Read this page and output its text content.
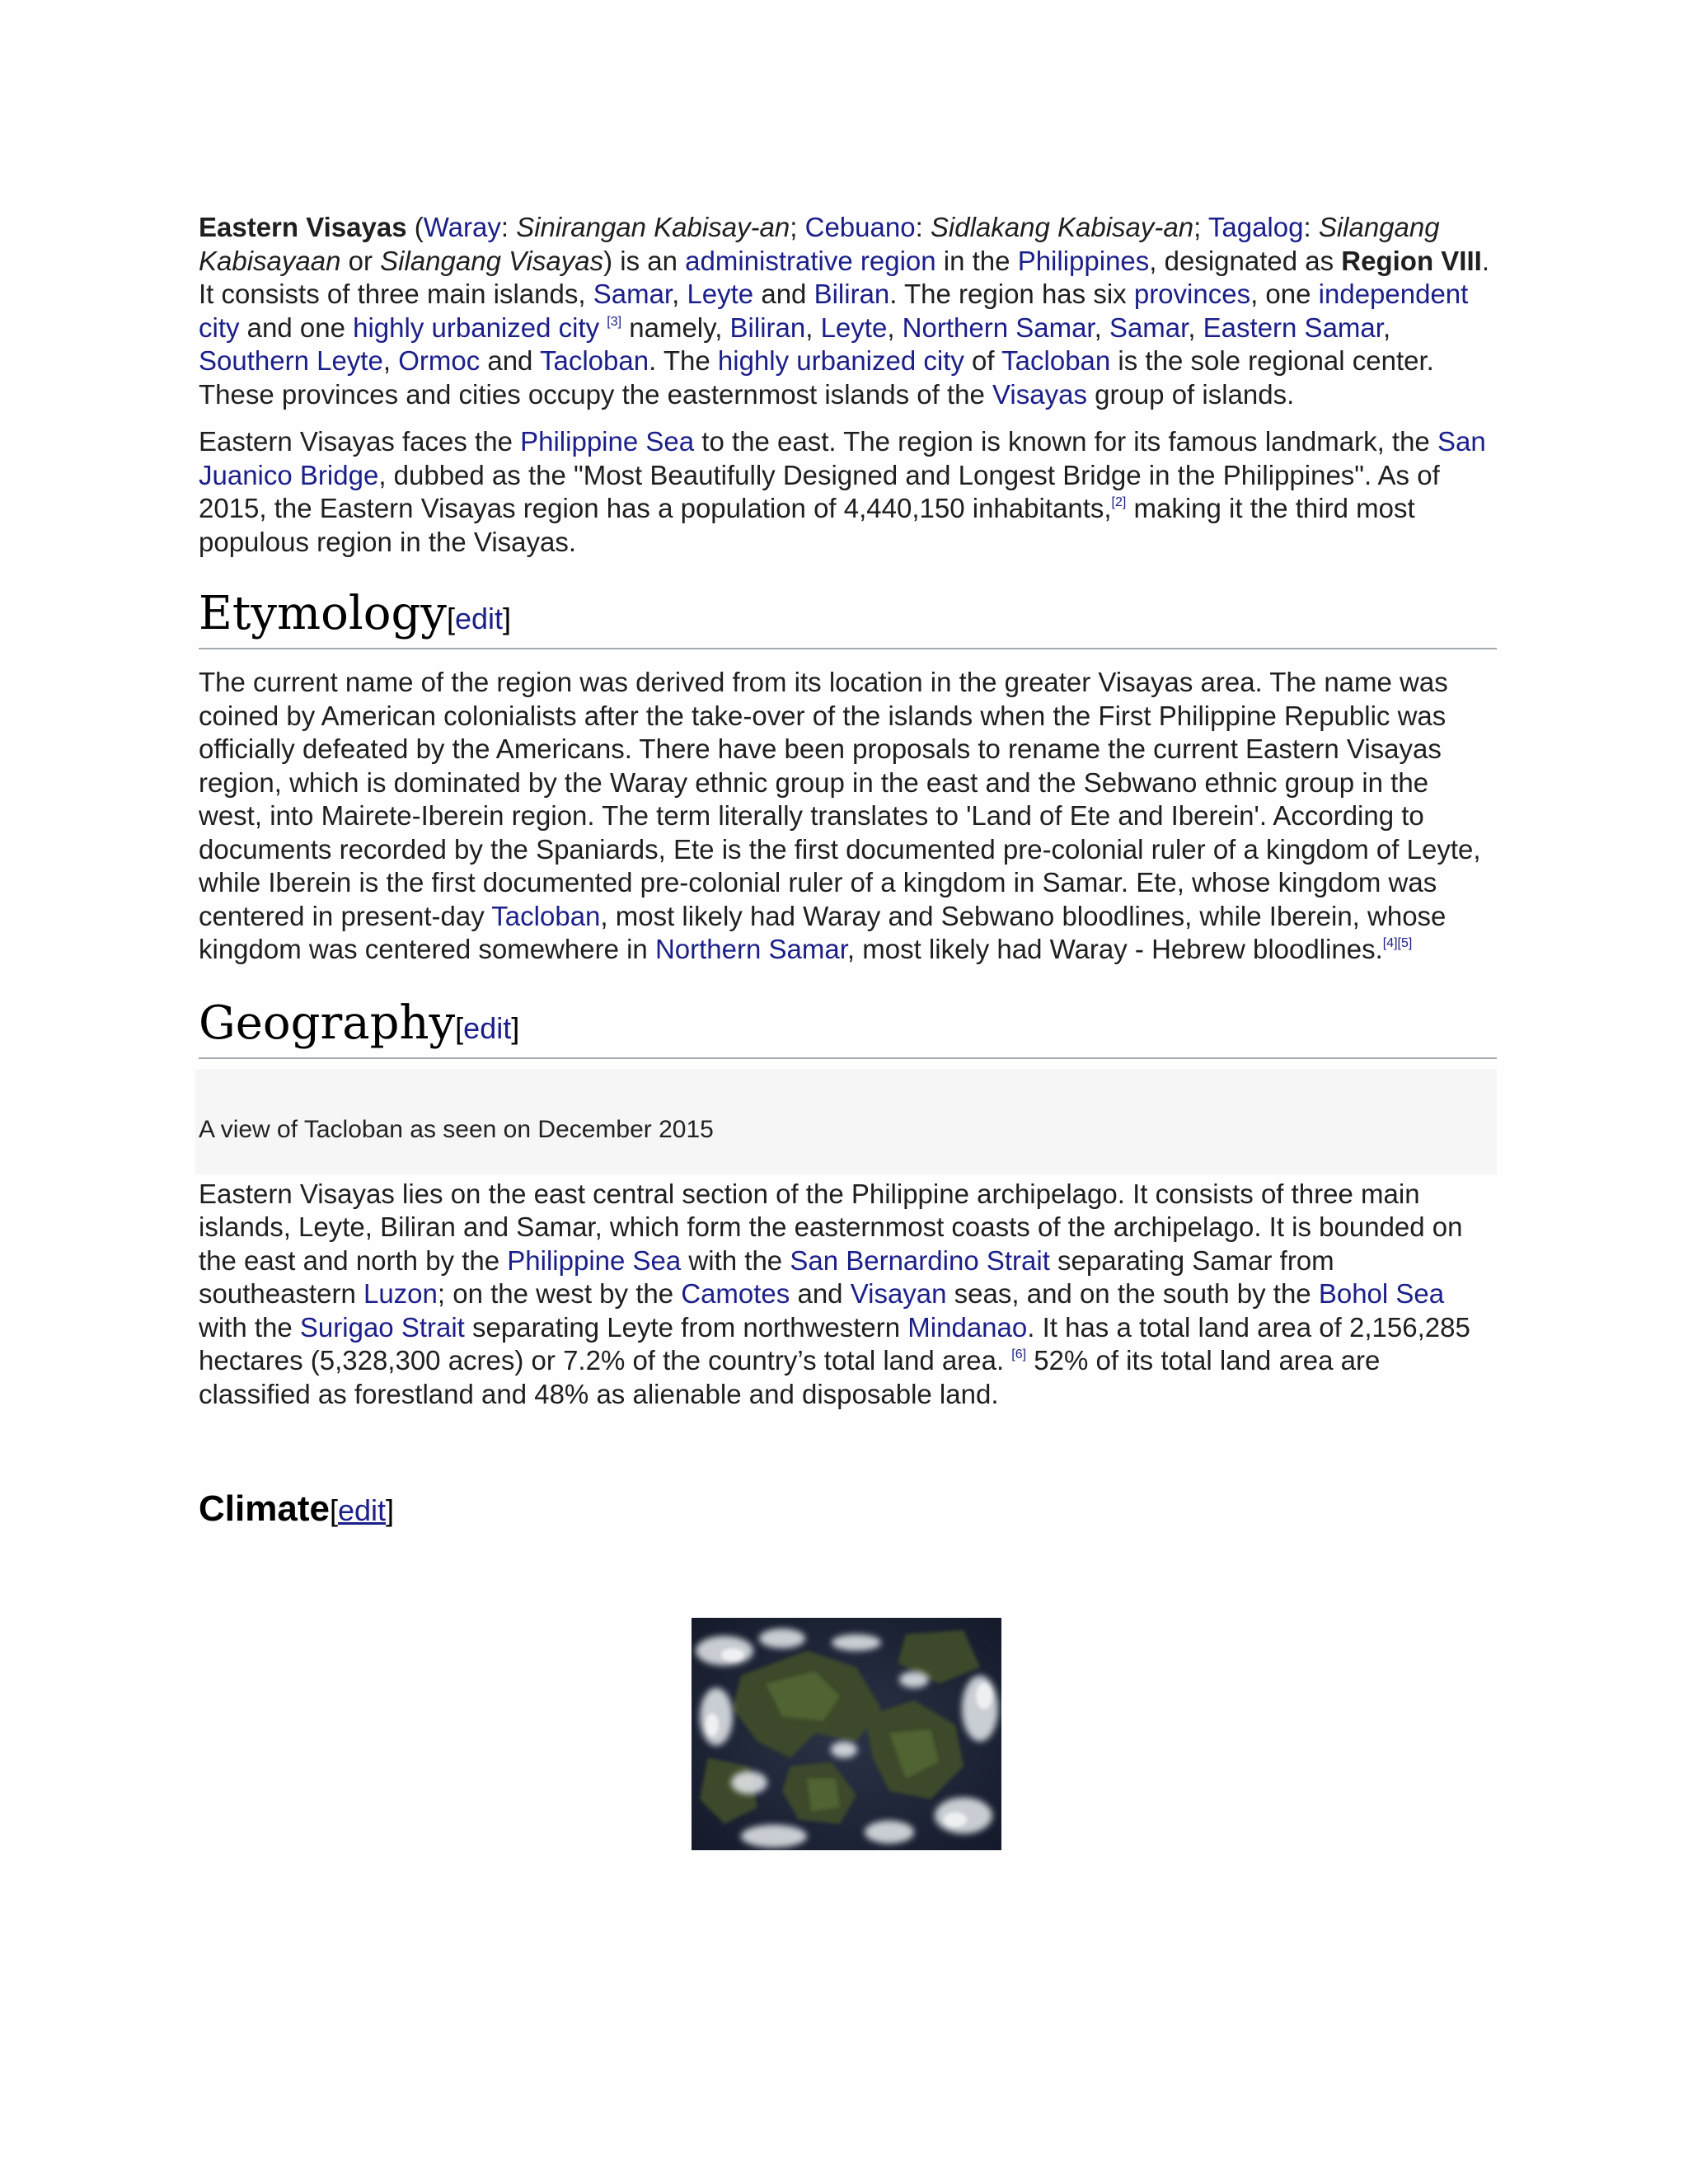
Eastern Visayas (Waray: Sinirangan Kabisay-an; Cebuano: Sidlakang Kabisay-an; Tagalog: Silangang Kabisayaan or Silangang Visayas) is an administrative region in the Philippines, designated as Region VIII. It consists of three main islands, Samar, Leyte and Biliran. The region has six provinces, one independent city and one highly urbanized city [3] namely, Biliran, Leyte, Northern Samar, Samar, Eastern Samar, Southern Leyte, Ormoc and Tacloban. The highly urbanized city of Tacloban is the sole regional center. These provinces and cities occupy the easternmost islands of the Visayas group of islands.

Eastern Visayas faces the Philippine Sea to the east. The region is known for its famous landmark, the San Juanico Bridge, dubbed as the "Most Beautifully Designed and Longest Bridge in the Philippines". As of 2015, the Eastern Visayas region has a population of 4,440,150 inhabitants,[2] making it the third most populous region in the Visayas.

Etymology[edit]

The current name of the region was derived from its location in the greater Visayas area. The name was coined by American colonialists after the take-over of the islands when the First Philippine Republic was officially defeated by the Americans. There have been proposals to rename the current Eastern Visayas region, which is dominated by the Waray ethnic group in the east and the Sebwano ethnic group in the west, into Mairete-Iberein region. The term literally translates to 'Land of Ete and Iberein'. According to documents recorded by the Spaniards, Ete is the first documented pre-colonial ruler of a kingdom of Leyte, while Iberein is the first documented pre-colonial ruler of a kingdom in Samar. Ete, whose kingdom was centered in present-day Tacloban, most likely had Waray and Sebwano bloodlines, while Iberein, whose kingdom was centered somewhere in Northern Samar, most likely had Waray - Hebrew bloodlines.[4][5]

Geography[edit]
A view of Tacloban as seen on December 2015

Eastern Visayas lies on the east central section of the Philippine archipelago. It consists of three main islands, Leyte, Biliran and Samar, which form the easternmost coasts of the archipelago. It is bounded on the east and north by the Philippine Sea with the San Bernardino Strait separating Samar from southeastern Luzon; on the west by the Camotes and Visayan seas, and on the south by the Bohol Sea with the Surigao Strait separating Leyte from northwestern Mindanao. It has a total land area of 2,156,285 hectares (5,328,300 acres) or 7.2% of the country’s total land area. [6] 52% of its total land area are classified as forestland and 48% as alienable and disposable land.

Climate[edit]
